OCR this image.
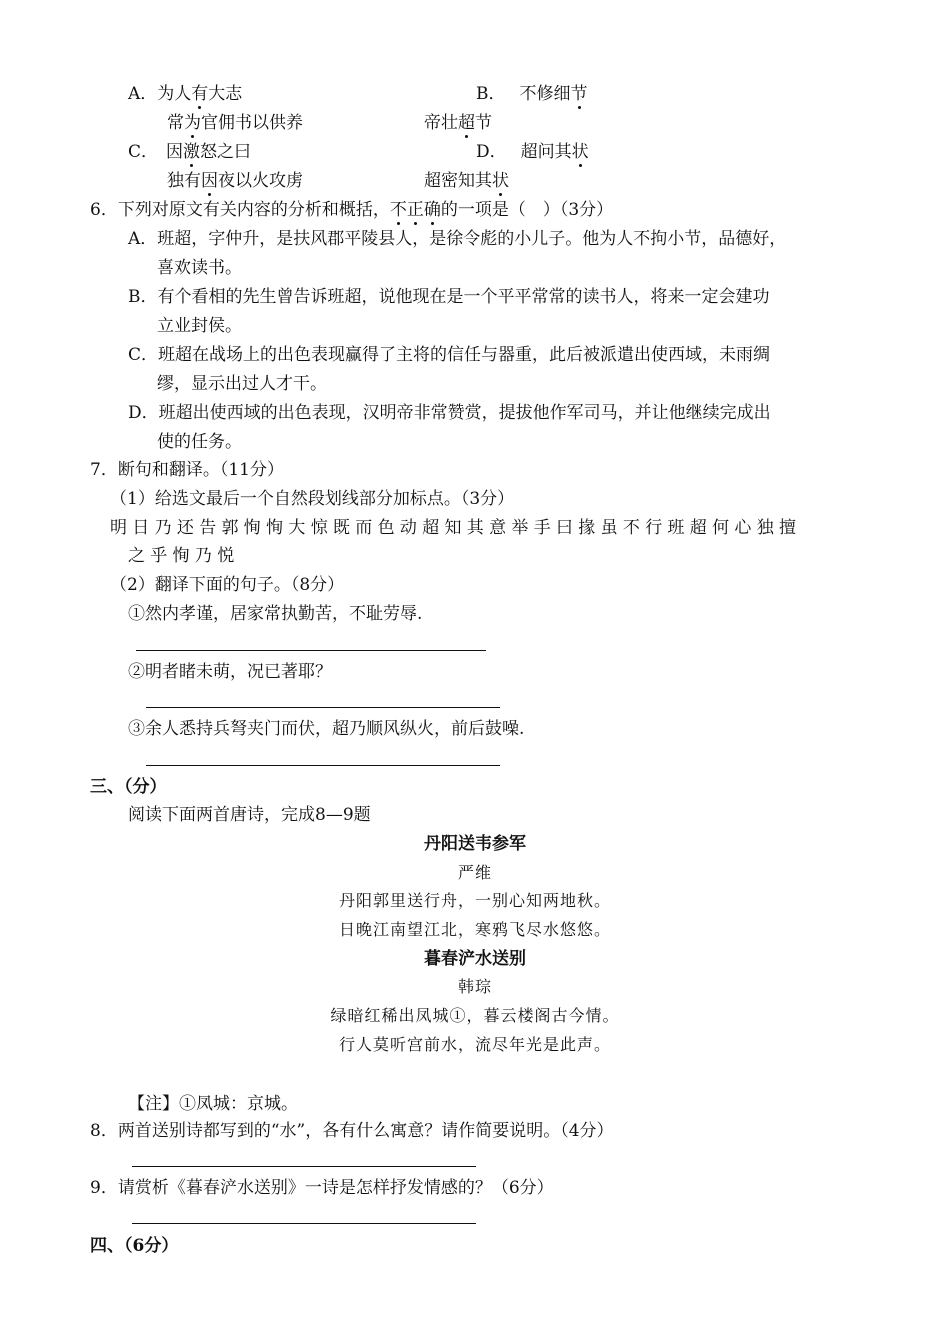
A．为人有大志	B． 不修细节
常为官佣书以供养	帝壮超节
C． 因激怒之曰	D． 超问其状
独有因夜以火攻虏	超密知其状
6．下列对原文有关内容的分析和概括，不正确的一项是（　）（3分）
A．班超，字仲升，是扶风郡平陵县人，是徐令彪的小儿子。他为人不拘小节，品德好，
喜欢读书。
B．有个看相的先生曾告诉班超，说他现在是一个平平常常的读书人，将来一定会建功
立业封侯。
C．班超在战场上的出色表现赢得了主将的信任与器重，此后被派遣出使西域，未雨绸
缪，显示出过人才干。
D．班超出使西域的出色表现，汉明帝非常赞赏，提拔他作军司马，并让他继续完成出
使的任务。
7．断句和翻译。（11分）
（1）给选文最后一个自然段划线部分加标点。（3分）
明日乃还告郭恂恂大惊既而色动超知其意举手曰掾虽不行班超何心独擅
之乎恂乃悦
（2）翻译下面的句子。（8分）
①然内孝谨，居家常执勤苦，不耻劳辱.
②明者睹未萌，况已著耶？
③余人悉持兵弩夹门而伏，超乃顺风纵火，前后鼓噪.
三、（分）
阅读下面两首唐诗，完成8—9题
丹阳送韦参军
严维
丹阳郭里送行舟，一别心知两地秋。
日晚江南望江北，寒鸦飞尽水悠悠。
暮春浐水送别
韩琮
绿暗红稀出凤城①，暮云楼阁古今情。
行人莫听宫前水，流尽年光是此声。
【注】①凤城：京城。
8．两首送别诗都写到的“水”，各有什么寓意？请作简要说明。（4分）
9．请赏析《暮春浐水送别》一诗是怎样抒发情感的？（6分）
四、（6分）
